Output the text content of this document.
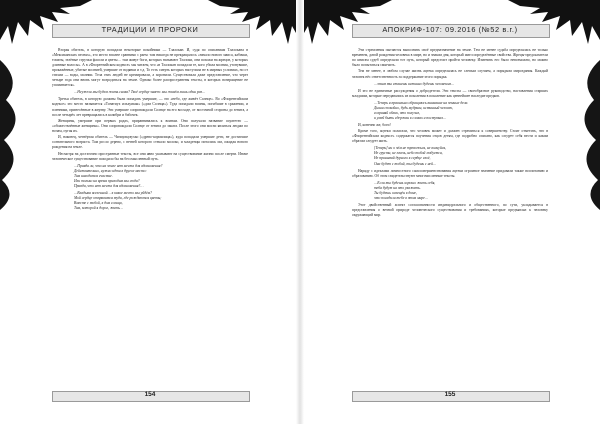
ТРАДИЦИИ И ПРОРОКИ

Вторая обитель, в которую попадали некоторые покойники — Тлалокан. И, судя по описаниям Тлалокана в «Мексиканских песнях», это место вполне сравнимо с раем: там никогда не прекращалось «начало нового маиса, кабачки, томаты, зелёные стручки фасоли и цветы… там живут боги, которых называют Тлалоки, они похожи на жрецов, у которых длинные волосы». А в «Флорентийском кодексе» мы читаем, что «в Тлалокан попадали те, кого убила молния, утонувшие, прокажённые, убитые молнией, умершие от водянки и т.д. То есть смерть которых наступила не в мирных условиях, но от стихии — воды, молнии. Тела этих людей не кремировали, а хоронили. Существовала даже представление, что через четыре года они вновь могут возродиться на земле. Однако более распространены тексты, в которых возвращение не упоминается».

…Неужели мы будем жить снова? Твоё сердце знает: мы живём лишь один раз…

Третья обитель, в которую должны были попадать умершие, — это «небо, где живёт Солнце». Во «Флорентийском кодексе» это место называется «Тонатиух ильхуикак» («дом Солнца»). Туда попадали воины, погибшие в сражении, и пленники, принесённые в жертву. Эти умершие сопровождали Солнце на его восходе, от восточной стороны до зенита, а после четырёх лет превращались в колибри и бабочек.

Женщины, умершие при первых родах, приравнивались к воинам. Они получали название сиуатетео — «обожествлённые женщины». Они сопровождали Солнце от зенита до заката. После этого они могли являться людям по ночам, пугая их.

И, наконец, четвёртая обитель — Чичиуакуаухко («древо-кормилица»), куда попадали умершие дети, не достигшие сознательного возраста. Там росло дерево, с ветвей которого стекало молоко, и младенцы питались им, ожидая нового рождения на земле.

Несмотря на достаточно пространные тексты, все они явно указывают на существование жизни после смерти. Иначе человеческое существование походило бы на бессмысленный путь.

…Правда ли, что на земле нет места для вдохновения?
Действительно, нужно идти в другое место:
Там находится счастье.
Или только на время приходим мы сюда?
Правда, что нет места для вдохновения?…
…Владыка вселенной… в какое место мы уйдём?
Мой сердце отправится туда, где рождаются цветы;
Вместе с тобой, в дом солнца,
Там, которой я дорог, жить…
154
АПОКРИФ-107: 09.2016 (№52 в.г.)

Эти стремления пытаются выполнить своё предназначение на земле. Тем не менее судьба определялась не только временем, датой рождения человека в мире, но и знаком дня, который имел определённые свойства. Жрецы-предсказатели по книгам судеб определяли тот путь, который предстоит пройти человеку. Изменить его было невозможно, но можно было попытаться смягчить.

Тем не менее, в любом случае жизнь ацтека определялась не слепым случаем, а порядком мироздания. Каждый человек нёс ответственность за поддержание этого порядка.

…этим ты станешь истинно будешь человеком…

И это не единичные рассуждения о добродетели. Эти тексты — своеобразное руководство, наставления старших младшим, которые передавались из поколения в поколение как ценнейшее наследие предков.

…Теперь я правильно обращаюсь внимание на земные дела.
Дыши спокойно, будь мудрым, истинный человек,
сохраняй облик, что получил,
и умей быть сдержан в словах и поступках…

И, конечно же, боги!

Кроме того, ацтеки полагали, что человек может и должен стремиться к совершенству. Стоит отметить, что в «Флорентийском кодексе» содержатся поучения отцов детям, где подробно описано, как следует себя вести и каким образом следует жить.

[Теперь] ни о чём не тревожься, не волнуйся,
Не грусти, не плачь, небо тобой любуется,
Не принимай дурного в сердце своё,
Она будет с тобой, ты будешь с ней…

Наряду с идеалами личностного самосовершенствования ацтеки огромное значение придавали также воспитанию и образованию. Об этом свидетельствуют многочисленные тексты.

…Если ты будешь хорошо жить себя,
тебя будут на это уважать.
Ты будешь освещён в доме,
что посадили тебе в этом мире…

Этот двойственный аспект согласованности индивидуального и общественного, по сути, укладывается в представления о вечной природе человеческого существования и требованиях, которые предъявлял к человеку окружающий мир.

155
